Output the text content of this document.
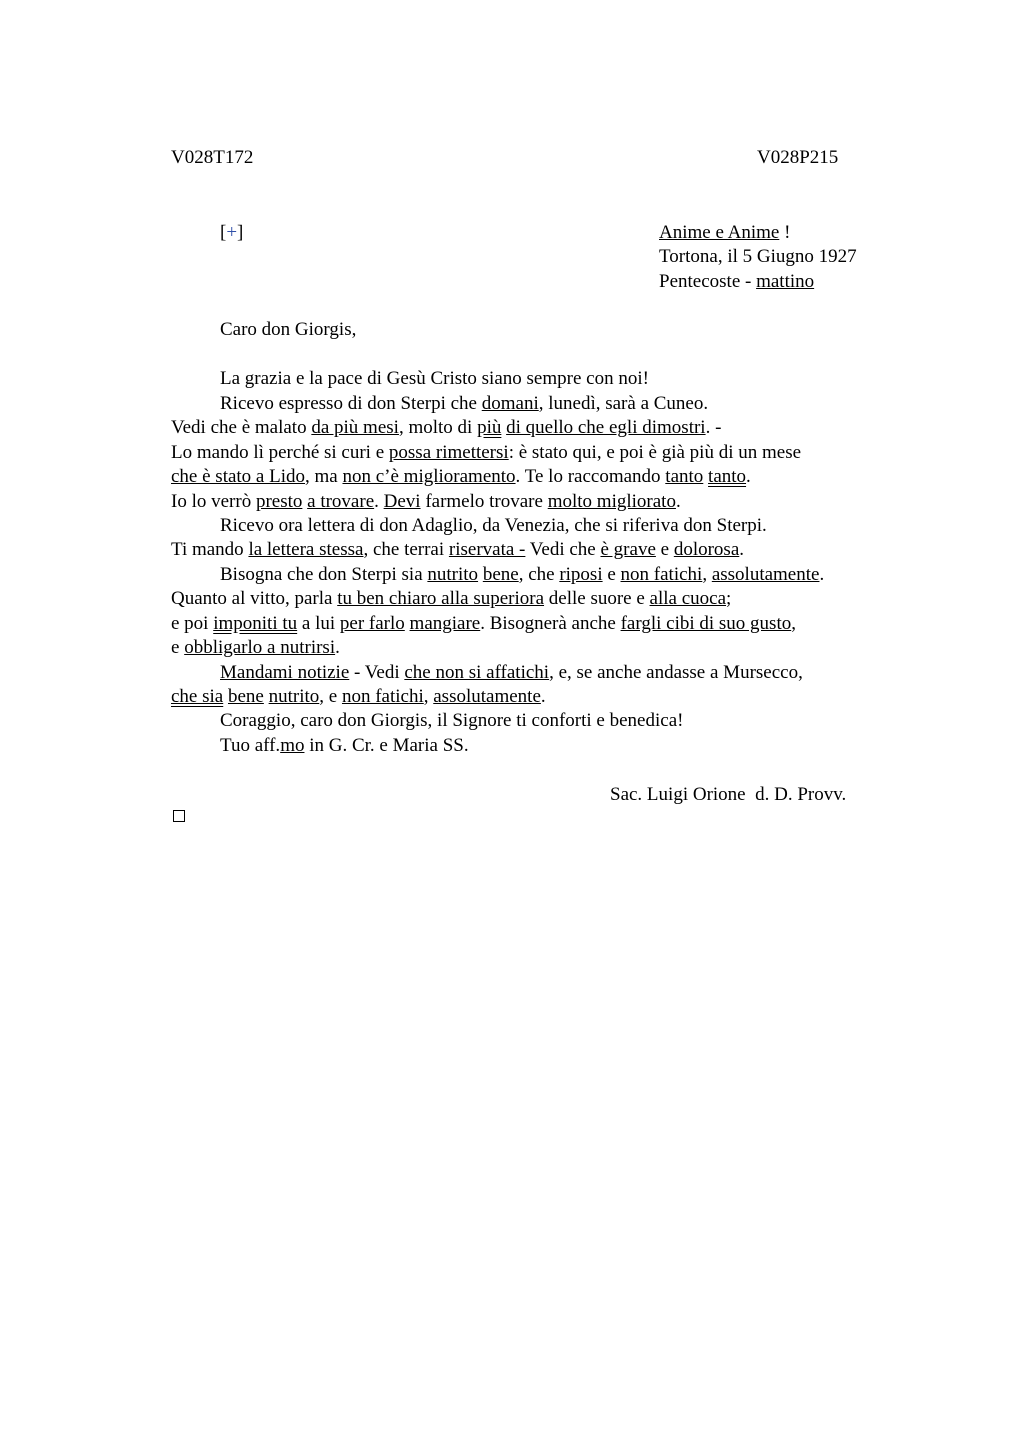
V028T172	V028P215
[+]	Anime e Anime !
Tortona, il 5 Giugno 1927
Pentecoste - mattino
Caro don Giorgis,
La grazia e la pace di Gesù Cristo siano sempre con noi!
Ricevo espresso di don Sterpi che domani, lunedì, sarà a Cuneo.
Vedi che è malato da più mesi, molto di più di quello che egli dimostri. -
Lo mando lì perché si curi e possa rimettersi: è stato qui, e poi è già più di un mese
che è stato a Lido, ma non c’è miglioramento. Te lo raccomando tanto tanto.
Io lo verrò presto a trovare. Devi farmelo trovare molto migliorato.
Ricevo ora lettera di don Adaglio, da Venezia, che si riferiva don Sterpi.
Ti mando la lettera stessa, che terrai riservata - Vedi che è grave e dolorosa.
Bisogna che don Sterpi sia nutrito bene, che riposi e non fatichi, assolutamente.
Quanto al vitto, parla tu ben chiaro alla superiora delle suore e alla cuoca;
e poi imponiti tu a lui per farlo mangiare. Bisognerà anche fargli cibi di suo gusto,
e obbligarlo a nutrirsi.
Mandami notizie - Vedi che non si affatichi, e, se anche andasse a Mursecco,
che sia bene nutrito, e non fatichi, assolutamente.
Coraggio, caro don Giorgis, il Signore ti conforti e benedica!
Tuo aff.mo in G. Cr. e Maria SS.
Sac. Luigi Orione  d. D. Provv.
